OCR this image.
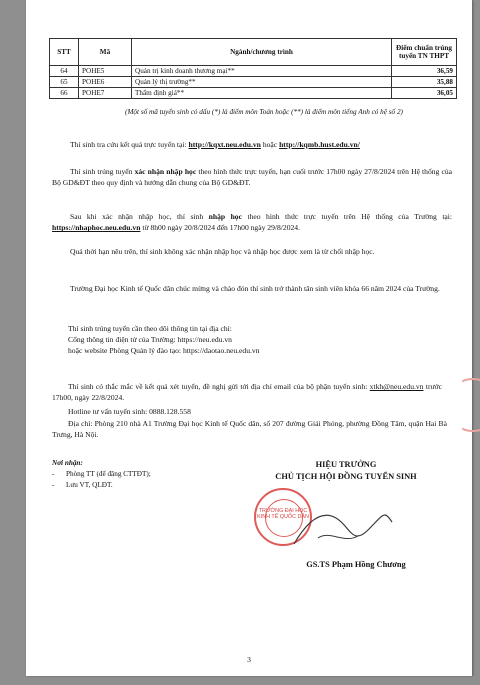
STT	Mã	Ngành/chương trình	Điểm chuẩn trúng tuyển TN THPT
64	POHE5	Quản trị kinh doanh thương mại**	36,59
65	POHE6	Quản lý thị trường**	35,88
66	POHE7	Thẩm định giá**	36,05
(Một số mã tuyển sinh có dấu (*) là điểm môn Toán hoặc (**) là điểm môn tiếng Anh có hệ số 2)
Thí sinh tra cứu kết quả trực tuyến tại: http://kqxt.neu.edu.vn hoặc http://kqmb.hust.edu.vn/
Thí sinh trúng tuyển xác nhận nhập học theo hình thức trực tuyến, hạn cuối trước 17h00 ngày 27/8/2024 trên Hệ thống của Bộ GD&ĐT theo quy định và hướng dẫn chung của Bộ GD&ĐT.
Sau khi xác nhận nhập học, thí sinh nhập học theo hình thức trực tuyến trên Hệ thống của Trường tại: https://nhaphoc.neu.edu.vn từ 8h00 ngày 20/8/2024 đến 17h00 ngày 29/8/2024.
Quá thời hạn nêu trên, thí sinh không xác nhận nhập học và nhập học được xem là từ chối nhập học.
Trường Đại học Kinh tế Quốc dân chúc mừng và chào đón thí sinh trở thành tân sinh viên khóa 66 năm 2024 của Trường.
Thí sinh trúng tuyển cần theo dõi thông tin tại địa chỉ:
Cổng thông tin điện tử của Trường: https://neu.edu.vn
hoặc website Phòng Quản lý đào tạo: https://daotao.neu.edu.vn
Thí sinh có thắc mắc về kết quả xét tuyển, đề nghị gửi tới địa chỉ email của bộ phận tuyển sinh: xtkh@neu.edu.vn trước 17h00, ngày 22/8/2024.
Hotline tư vấn tuyển sinh: 0888.128.558
Địa chỉ: Phòng 210 nhà A1 Trường Đại học Kinh tế Quốc dân, số 207 đường Giải Phóng, phường Đồng Tâm, quận Hai Bà Trưng, Hà Nội.
Nơi nhận:
- Phòng TT (để đăng CTTĐT);
- Lưu VT, QLĐT.
HIỆU TRƯỞNG
CHỦ TỊCH HỘI ĐỒNG TUYỂN SINH
TRƯỜNG ĐẠI HỌC KINH TẾ QUỐC DÂN
GS.TS Phạm Hồng Chương
3
